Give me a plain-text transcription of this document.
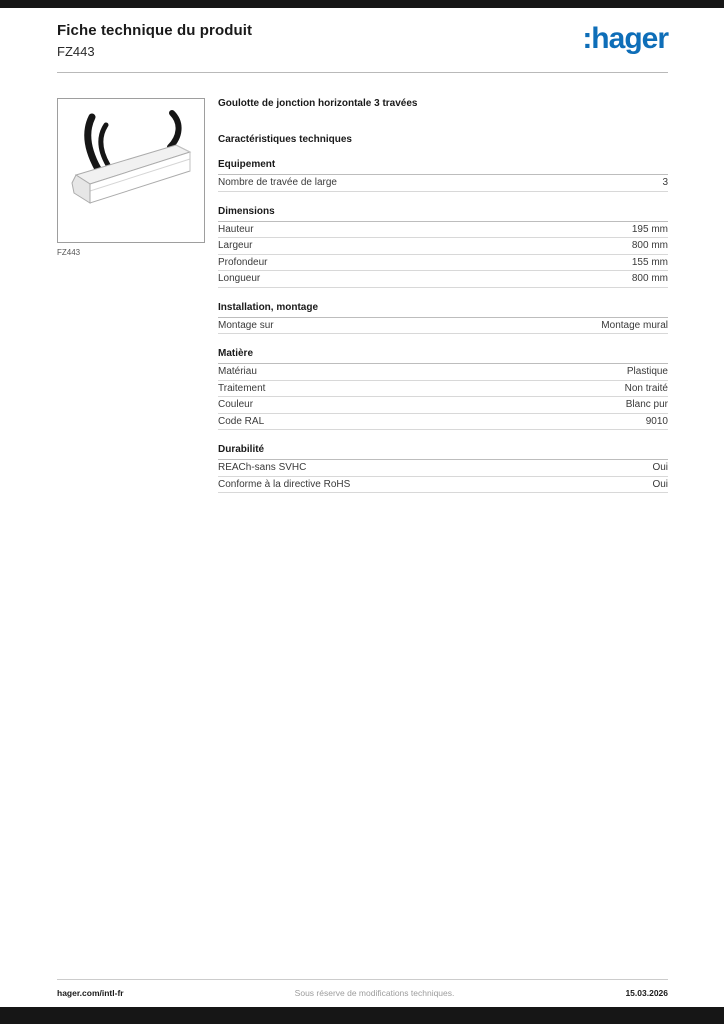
Fiche technique du produit
FZ443	:hager
FZ443
Goulotte de jonction horizontale 3 travées
Caractéristiques techniques
Equipement
Nombre de travée de large	3
Dimensions
Hauteur	195 mm
Largeur	800 mm
Profondeur	155 mm
Longueur	800 mm
Installation, montage
Montage sur	Montage mural
Matière
Matériau	Plastique
Traitement	Non traité
Couleur	Blanc pur
Code RAL	9010
Durabilité
REACh-sans SVHC	Oui
Conforme à la directive RoHS	Oui
hager.com/intl-fr	Sous réserve de modifications techniques.	15.03.2026
